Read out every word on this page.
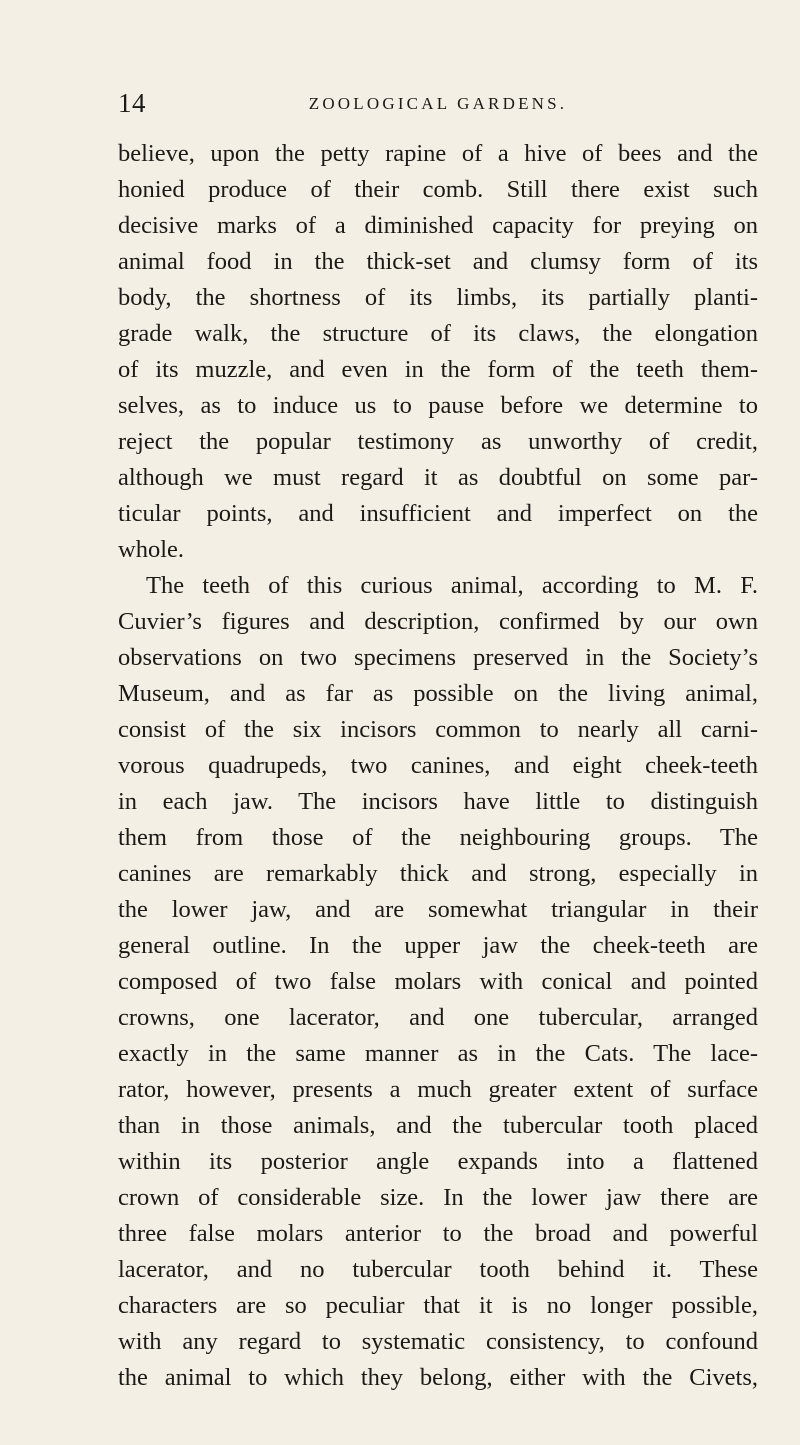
14	ZOOLOGICAL GARDENS.
believe, upon the petty rapine of a hive of bees and the
honied produce of their comb. Still there exist such
decisive marks of a diminished capacity for preying on
animal food in the thick-set and clumsy form of its
body, the shortness of its limbs, its partially planti-
grade walk, the structure of its claws, the elongation
of its muzzle, and even in the form of the teeth them-
selves, as to induce us to pause before we determine to
reject the popular testimony as unworthy of credit,
although we must regard it as doubtful on some par-
ticular points, and insufficient and imperfect on the
whole.
The teeth of this curious animal, according to M. F.
Cuvier’s figures and description, confirmed by our own
observations on two specimens preserved in the Society’s
Museum, and as far as possible on the living animal,
consist of the six incisors common to nearly all carni-
vorous quadrupeds, two canines, and eight cheek-teeth
in each jaw. The incisors have little to distinguish
them from those of the neighbouring groups. The
canines are remarkably thick and strong, especially in
the lower jaw, and are somewhat triangular in their
general outline. In the upper jaw the cheek-teeth are
composed of two false molars with conical and pointed
crowns, one lacerator, and one tubercular, arranged
exactly in the same manner as in the Cats. The lace-
rator, however, presents a much greater extent of surface
than in those animals, and the tubercular tooth placed
within its posterior angle expands into a flattened
crown of considerable size. In the lower jaw there are
three false molars anterior to the broad and powerful
lacerator, and no tubercular tooth behind it. These
characters are so peculiar that it is no longer possible,
with any regard to systematic consistency, to confound
the animal to which they belong, either with the Civets,
